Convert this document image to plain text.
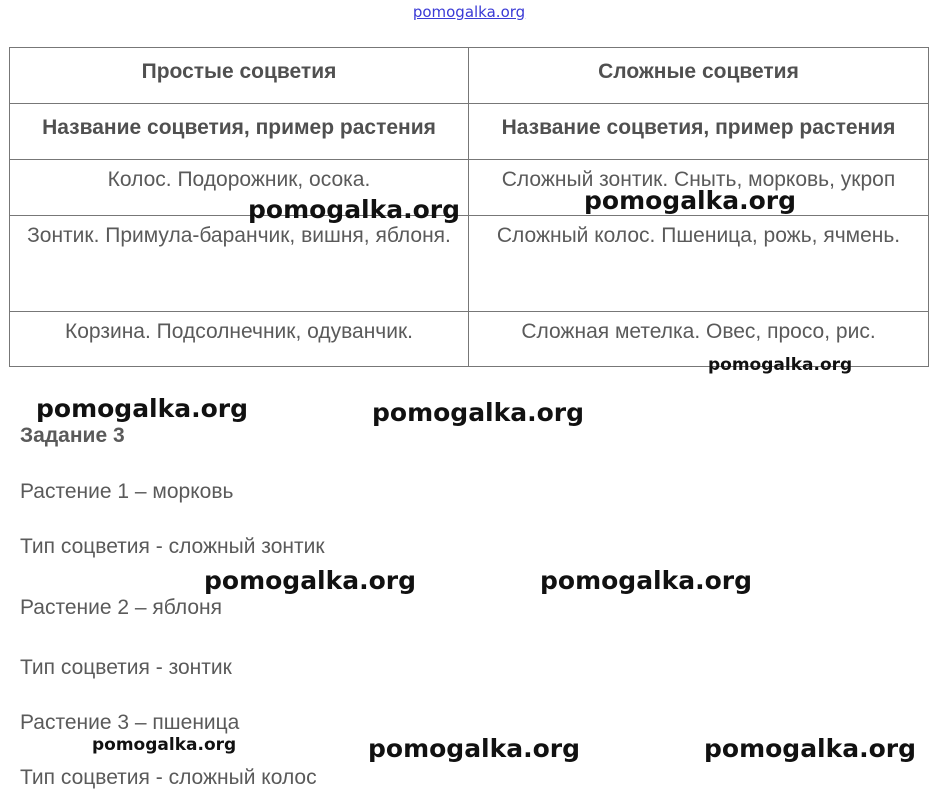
pomogalka.org
Простые соцветия	Сложные соцветия
Название соцветия, пример растения	Название соцветия, пример растения
Колос. Подорожник, осока.	Сложный зонтик. Сныть, морковь, укроп
Зонтик. Примула-баранчик, вишня, яблоня.	Сложный колос. Пшеница, рожь, ячмень.
Корзина. Подсолнечник, одуванчик.	Сложная метелка. Овес, просо, рис.
Задание 3
Растение 1 – морковь
Тип соцветия - сложный зонтик
Растение 2 – яблоня
Тип соцветия - зонтик
Растение 3 – пшеница
Тип соцветия - сложный колос
pomogalka.org	pomogalka.org
pomogalka.org
pomogalka.org	pomogalka.org
pomogalka.org	pomogalka.org
pomogalka.org	pomogalka.org	pomogalka.org
